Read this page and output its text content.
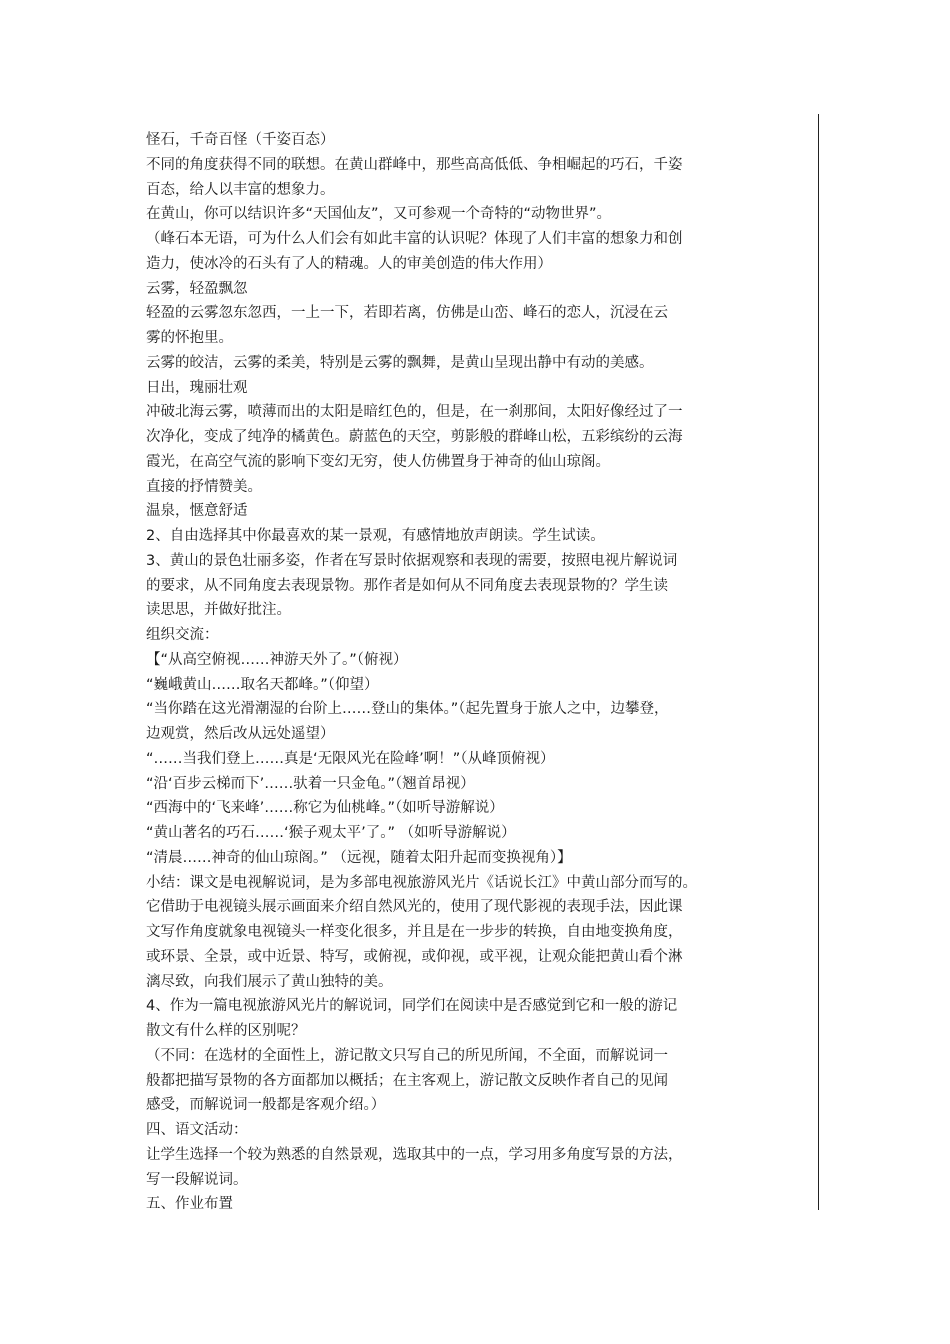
怪石，千奇百怪（千姿百态）
不同的角度获得不同的联想。在黄山群峰中，那些高高低低、争相崛起的巧石，千姿
百态，给人以丰富的想象力。
在黄山，你可以结识许多“天国仙友”，又可参观一个奇特的“动物世界”。
（峰石本无语，可为什么人们会有如此丰富的认识呢？体现了人们丰富的想象力和创
造力，使冰冷的石头有了人的精魂。人的审美创造的伟大作用）
云雾，轻盈飘忽
轻盈的云雾忽东忽西，一上一下，若即若离，仿佛是山峦、峰石的恋人，沉浸在云
雾的怀抱里。
云雾的皎洁，云雾的柔美，特别是云雾的飘舞，是黄山呈现出静中有动的美感。
日出，瑰丽壮观
冲破北海云雾，喷薄而出的太阳是暗红色的，但是，在一刹那间，太阳好像经过了一
次净化，变成了纯净的橘黄色。蔚蓝色的天空，剪影般的群峰山松，五彩缤纷的云海
霞光，在高空气流的影响下变幻无穷，使人仿佛置身于神奇的仙山琼阁。
直接的抒情赞美。
温泉，惬意舒适
2、自由选择其中你最喜欢的某一景观，有感情地放声朗读。学生试读。
3、黄山的景色壮丽多姿，作者在写景时依据观察和表现的需要，按照电视片解说词
的要求，从不同角度去表现景物。那作者是如何从不同角度去表现景物的？学生读
读思思，并做好批注。
组织交流：
【“从高空俯视……神游天外了。”（俯视）
“巍峨黄山……取名天都峰。”（仰望）
“当你踏在这光滑潮湿的台阶上……登山的集体。”（起先置身于旅人之中，边攀登，
边观赏，然后改从远处遥望）
“……当我们登上……真是‘无限风光在险峰’啊！”（从峰顶俯视）
“沿‘百步云梯而下’……驮着一只金龟。”（翘首昂视）
“西海中的‘飞来峰’……称它为仙桃峰。”（如听导游解说）
“黄山著名的巧石……‘猴子观太平’了。” （如听导游解说）
“清晨……神奇的仙山琼阁。” （远视，随着太阳升起而变换视角）】
小结：课文是电视解说词，是为多部电视旅游风光片《话说长江》中黄山部分而写的。
它借助于电视镜头展示画面来介绍自然风光的，使用了现代影视的表现手法，因此课
文写作角度就象电视镜头一样变化很多，并且是在一步步的转换，自由地变换角度，
或环景、全景，或中近景、特写，或俯视，或仰视，或平视，让观众能把黄山看个淋
漓尽致，向我们展示了黄山独特的美。
4、作为一篇电视旅游风光片的解说词，同学们在阅读中是否感觉到它和一般的游记
散文有什么样的区别呢？
（不同：在选材的全面性上，游记散文只写自己的所见所闻，不全面，而解说词一
般都把描写景物的各方面都加以概括；在主客观上，游记散文反映作者自己的见闻
感受，而解说词一般都是客观介绍。）
四、语文活动：
让学生选择一个较为熟悉的自然景观，选取其中的一点，学习用多角度写景的方法，
写一段解说词。
五、作业布置
